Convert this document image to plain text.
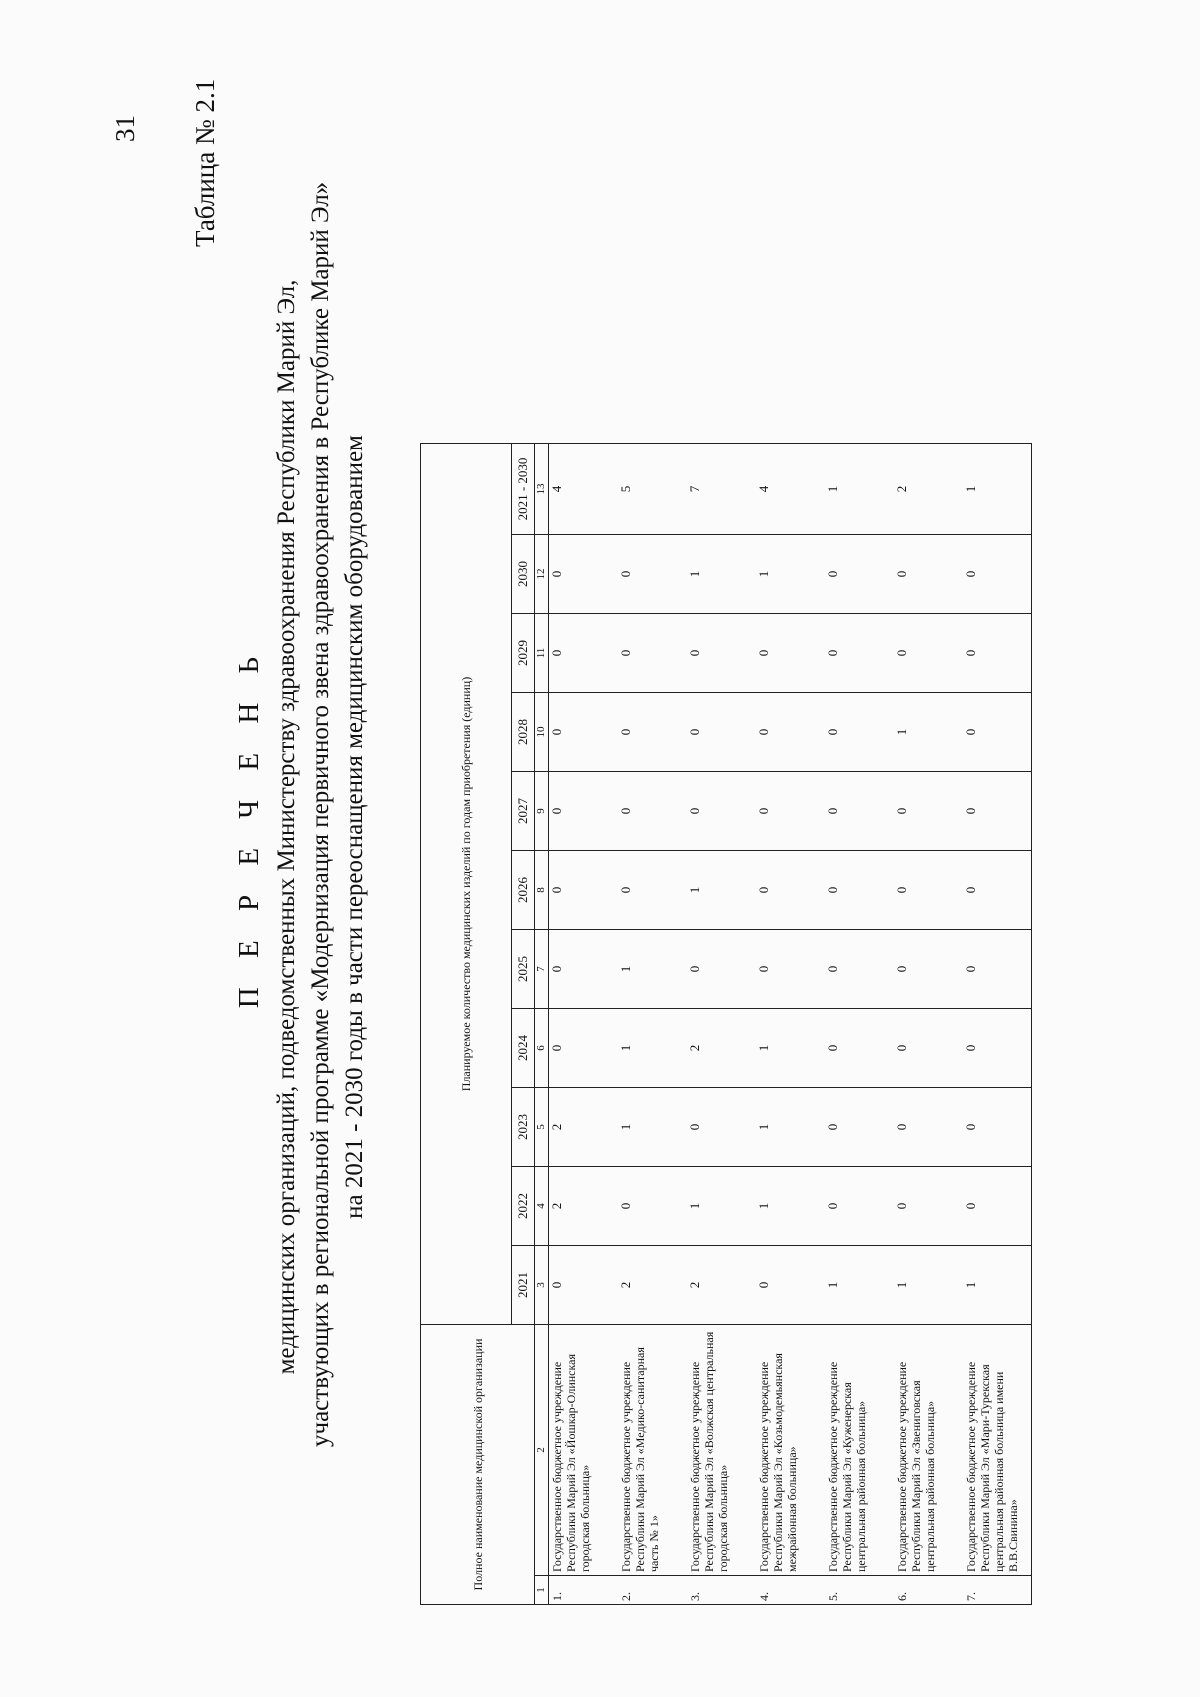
31 Таблица № 2.1
П Е Р Е Ч Е Н Ь медицинских организаций, подведомственных Министерству здравоохранения Республики Марий Эл, участвующих в региональной программе «Модернизация первичного звена здравоохранения в Республике Марий Эл» на 2021 - 2030 годы в части переоснащения медицинским оборудованием
Полное наименование медицинской организации		Планируемое количество медицинских изделий по годам приобретения (единиц)										
		2021	2022	2023	2024	2025	2026	2027	2028	2029	2030	2021 - 2030
1	2	3	4	5	6	7	8	9	10	11	12	13
1.	Государственное бюджетное учреждение Республики Марий Эл «Йошкар-Олинская городская больница»	0	2	2	0	0	0	0	0	0	0	4
2.	Государственное бюджетное учреждение Республики Марий Эл «Медико-санитарная часть № 1»	2	0	1	1	1	0	0	0	0	0	5
3.	Государственное бюджетное учреждение Республики Марий Эл «Волжская центральная городская больница»	2	1	0	2	0	1	0	0	0	1	7
4.	Государственное бюджетное учреждение Республики Марий Эл «Козьмодемьянская межрайонная больница»	0	1	1	1	0	0	0	0	0	1	4
5.	Государственное бюджетное учреждение Республики Марий Эл «Куженерская центральная районная больница»	1	0	0	0	0	0	0	0	0	0	1
6.	Государственное бюджетное учреждение Республики Марий Эл «Звениговская центральная районная больница»	1	0	0	0	0	0	0	1	0	0	2
7.	Государственное бюджетное учреждение Республики Марий Эл «Мари-Турекская центральная районная больница имени В.В.Свинина»	1	0	0	0	0	0	0	0	0	0	1
